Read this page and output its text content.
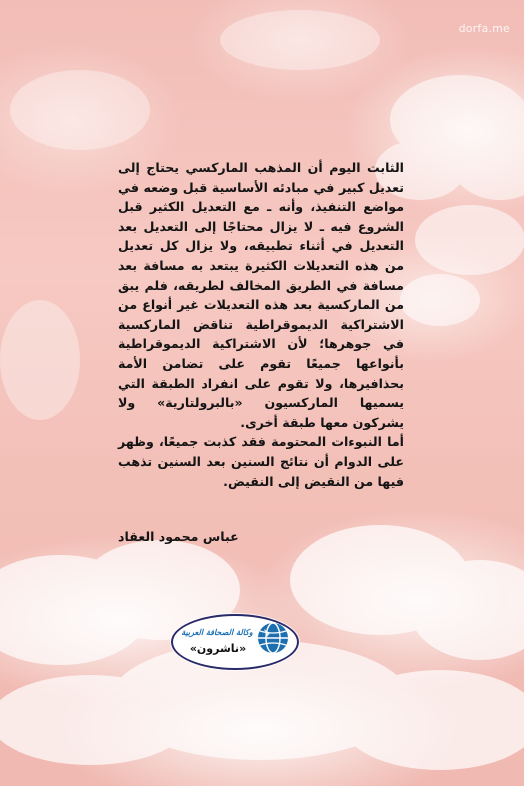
dorfa.me

الثابت اليوم أن المذهب الماركسي يحتاج إلى تعديل كبير في مبادئه الأساسية قبل وضعه في مواضع التنفيذ، وأنه ـ مع التعديل الكثير قبل الشروع فيه ـ لا يزال محتاجًا إلى التعديل بعد التعديل في أثناء تطبيقه، ولا يزال كل تعديل من هذه التعديلات الكثيرة يبتعد به مسافة بعد مسافة في الطريق المخالف لطريقه، فلم يبق من الماركسية بعد هذه التعديلات غير أنواع من الاشتراكية الديموقراطية تناقض الماركسية في جوهرها؛ لأن الاشتراكية الديموقراطية بأنواعها جميعًا تقوم على تضامن الأمة بحذافيرها، ولا تقوم على انفراد الطبقة التي يسميها الماركسيون «بالبرولتارية» ولا يشركون معها طبقة أخرى.

أما النبوءات المحتومة فقد كذبت جميعًا، وظهر على الدوام أن نتائج السنين بعد السنين تذهب فيها من النقيض إلى النقيض.

عباس محمود العقاد
وكالة الصحافة العربية
«ناشرون»
